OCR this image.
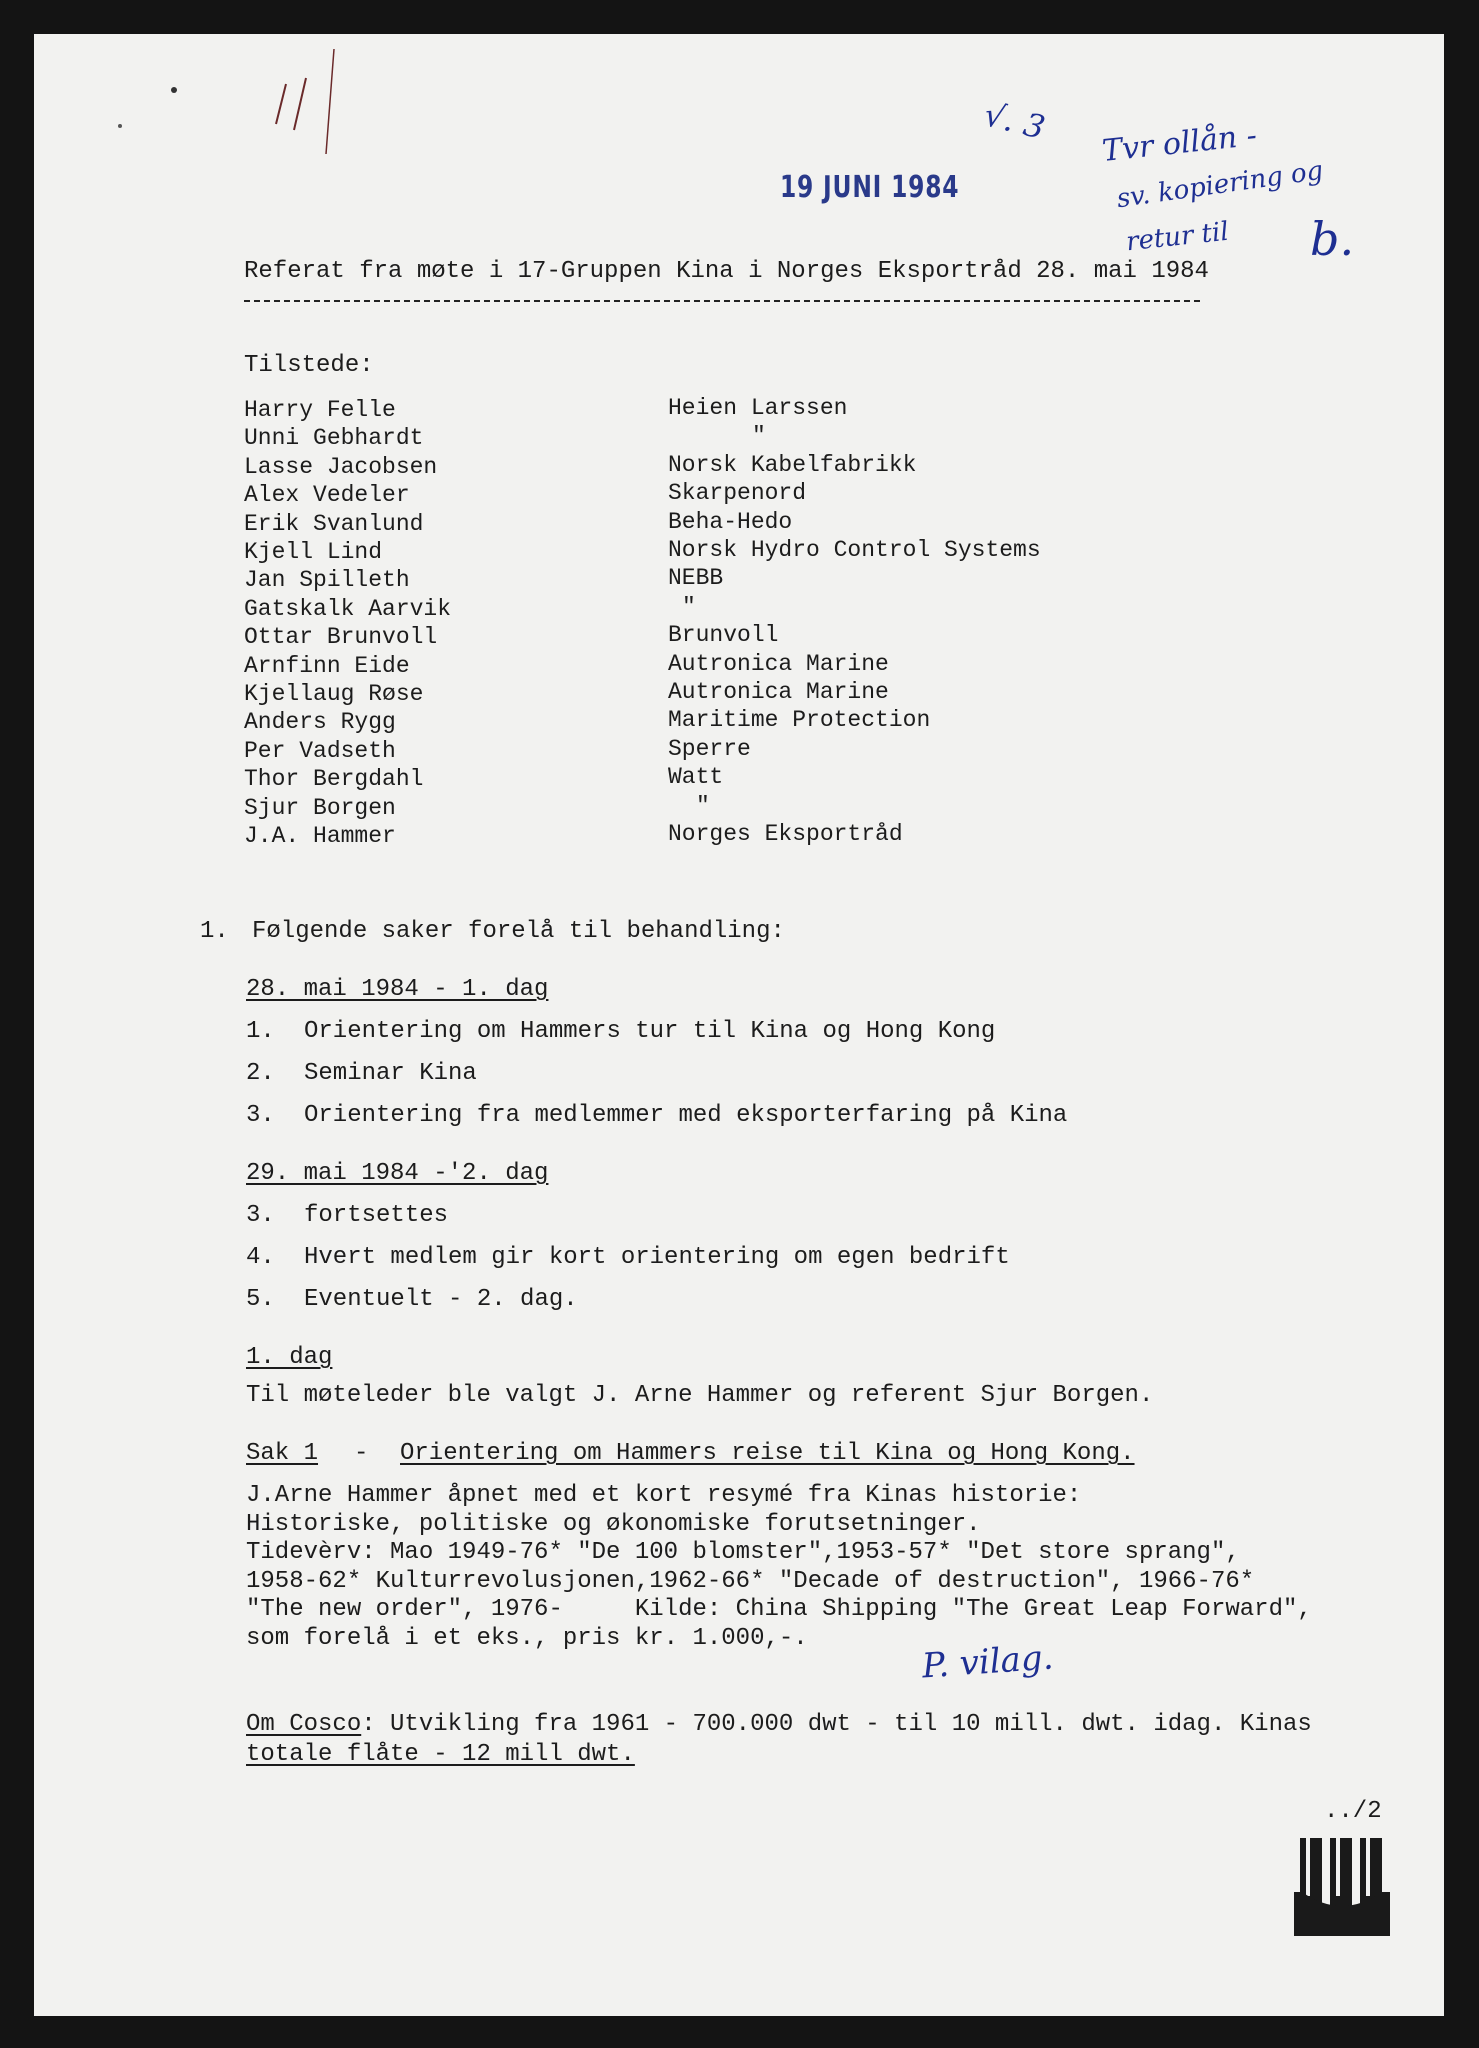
19 JUNI 1984
√. 3 Tvr ollån -
sv. kopiering og
retur til b.
Referat fra møte i 17-Gruppen Kina i Norges Eksportråd 28. mai 1984
Tilstede:
Harry Felle
Unni Gebhardt
Lasse Jacobsen
Alex Vedeler
Erik Svanlund
Kjell Lind
Jan Spilleth
Gatskalk Aarvik
Ottar Brunvoll
Arnfinn Eide
Kjellaug Røse
Anders Rygg
Per Vadseth
Thor Bergdahl
Sjur Borgen
J.A. Hammer
Heien Larssen
"
Norsk Kabelfabrikk
Skarpenord
Beha-Hedo
Norsk Hydro Control Systems
NEBB
"
Brunvoll
Autronica Marine
Autronica Marine
Maritime Protection
Sperre
Watt
"
Norges Eksportråd
1. Følgende saker forelå til behandling:
28. mai 1984 - 1. dag
1. Orientering om Hammers tur til Kina og Hong Kong
2. Seminar Kina
3. Orientering fra medlemmer med eksporterfaring på Kina
29. mai 1984 -'2. dag
3. fortsettes
4. Hvert medlem gir kort orientering om egen bedrift
5. Eventuelt - 2. dag.
1. dag
Til møteleder ble valgt J. Arne Hammer og referent Sjur Borgen.
Sak 1 - Orientering om Hammers reise til Kina og Hong Kong.
J.Arne Hammer åpnet med et kort resymé fra Kinas historie:
Historiske, politiske og økonomiske forutsetninger.
Tidevèrv: Mao 1949-76* "De 100 blomster",1953-57* "Det store sprang",
1958-62* Kulturrevolusjonen,1962-66* "Decade of destruction", 1966-76*
"The new order", 1976-     Kilde: China Shipping "The Great Leap Forward",
som forelå i et eks., pris kr. 1.000,-.	P. vilag.
Om Cosco: Utvikling fra 1961 - 700.000 dwt - til 10 mill. dwt. idag. Kinas
totale flåte - 12 mill dwt.
../2
